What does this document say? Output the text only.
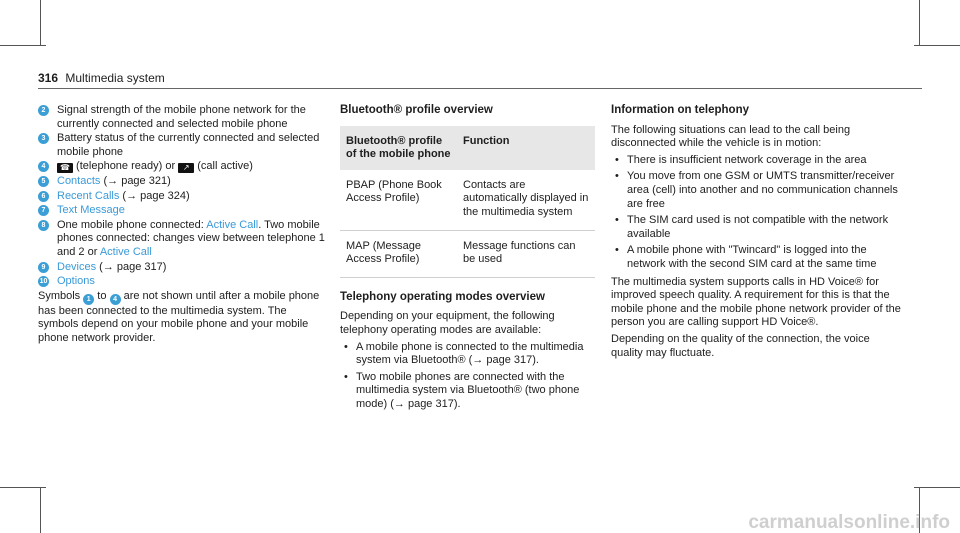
316 Multimedia system
2	Signal strength of the mobile phone network for the currently connected and selected mobile phone
3	Battery status of the currently connected and selected mobile phone
4	☎ (telephone ready) or ↗ (call active)
5	Contacts (→ page 321)
6	Recent Calls (→ page 324)
7	Text Message
8	One mobile phone connected: Active Call. Two mobile phones connected: changes view between telephone 1 and 2 or Active Call
9	Devices (→ page 317)
10 Options
Symbols 1 to 4 are not shown until after a mobile phone has been connected to the multimedia system. The symbols depend on your mobile phone and your mobile phone network provider.
Bluetooth® profile overview
Bluetooth® profile of the mobile phone	Function
PBAP (Phone Book Access Profile)	Contacts are automatically displayed in the multimedia system
MAP (Message Access Profile)	Message functions can be used
Telephony operating modes overview

Depending on your equipment, the following telephony operating modes are available:

• A mobile phone is connected to the multimedia system via Bluetooth® (→ page 317).
• Two mobile phones are connected with the multimedia system via Bluetooth® (two phone mode) (→ page 317).
Information on telephony

The following situations can lead to the call being disconnected while the vehicle is in motion:

• There is insufficient network coverage in the area
• You move from one GSM or UMTS transmitter/receiver area (cell) into another and no communication channels are free
• The SIM card used is not compatible with the network available
• A mobile phone with "Twincard" is logged into the network with the second SIM card at the same time

The multimedia system supports calls in HD Voice® for improved speech quality. A requirement for this is that the mobile phone and the mobile phone network provider of the person you are calling support HD Voice®.

Depending on the quality of the connection, the voice quality may fluctuate.

carmanualsonline.info
